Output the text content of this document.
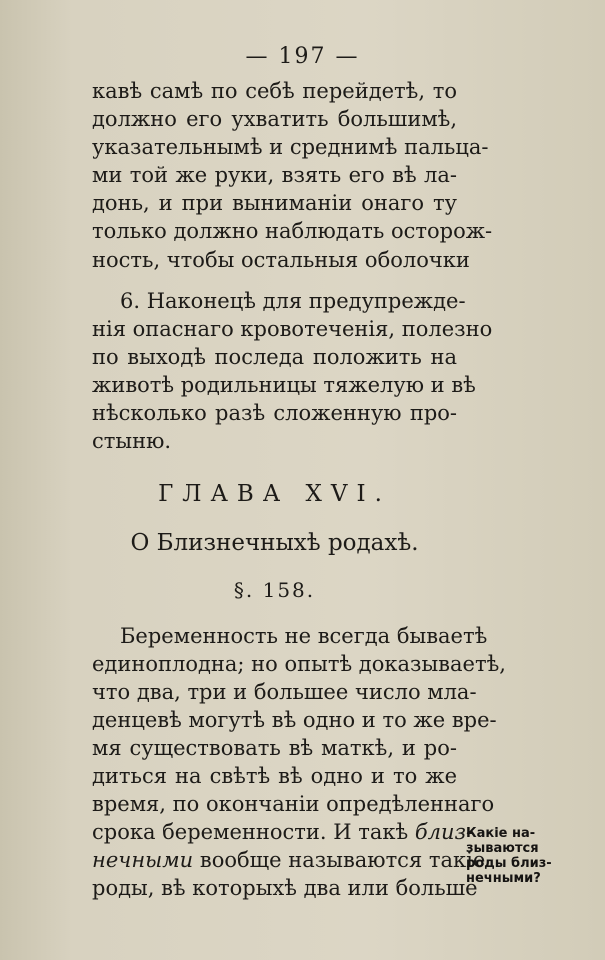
— 197 —
кавѣ самѣ по себѣ перейдетѣ, то
должно его ухватить большимѣ,
указательнымѣ и среднимѣ пальца-
ми той же руки, взять его вѣ ла-
донь, и при выниманіи онаго ту
только должно наблюдать осторож-
ность, чтобы остальныя оболочки
6. Наконецѣ для предупрежде-
нія опаснаго кровотеченія, полезно
по выходѣ последа положить на
животѣ родильницы тяжелую и вѣ
нѣсколько разѣ сложенную про-
стыню.
ГЛАВА XVI.
О Близнечныхѣ родахѣ.
§. 158.
Беременность не всегда бываетѣ
единоплодна; но опытѣ доказываетѣ,
что два, три и большее число мла-
денцевѣ могутѣ вѣ одно и то же вре-
мя существовать вѣ маткѣ, и ро-
диться на свѣтѣ вѣ одно и то же
время, по окончаніи опредѣленнаго
срока беременности. И такѣ близ-
нечными вообще называются такіе
роды, вѣ которыхѣ два или больше
Какіе на-
зываются
роды близ-
нечными?
